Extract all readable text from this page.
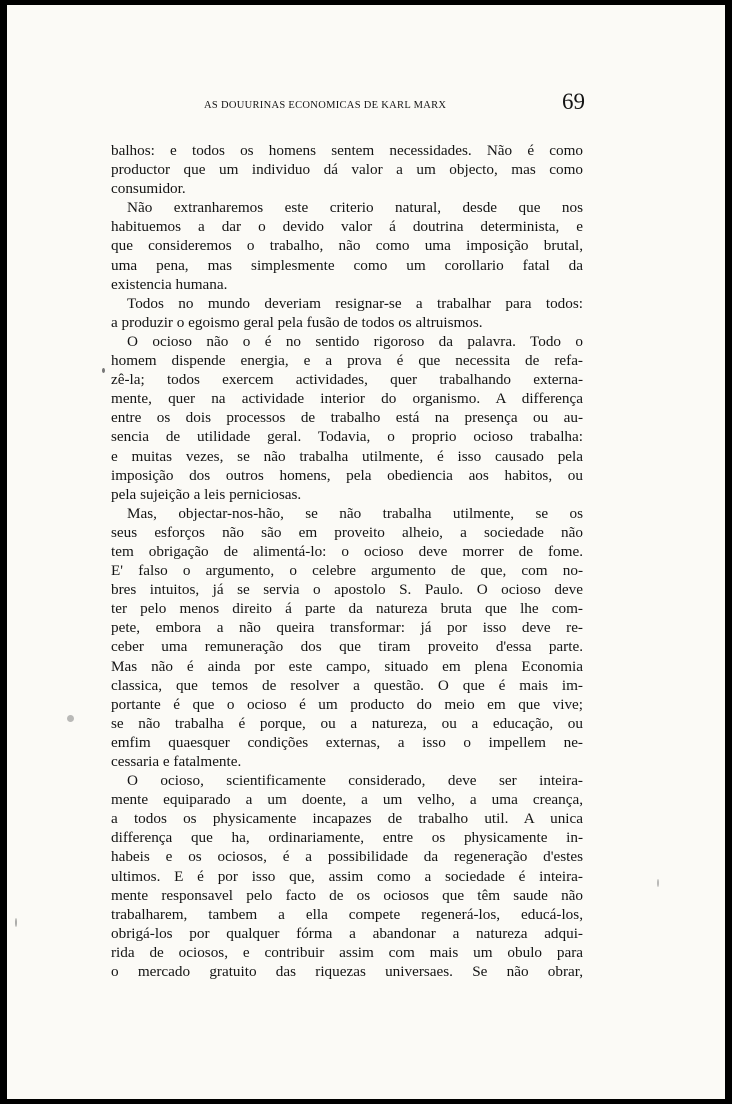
AS DOUURINAS ECONOMICAS DE KARL MARX	69
balhos: e todos os homens sentem necessidades. Não é como
productor que um individuo dá valor a um objecto, mas como
consumidor.
Não extranharemos este criterio natural, desde que nos
habituemos a dar o devido valor á doutrina determinista, e
que consideremos o trabalho, não como uma imposição brutal,
uma pena, mas simplesmente como um corollario fatal da
existencia humana.
Todos no mundo deveriam resignar-se a trabalhar para todos:
a produzir o egoismo geral pela fusão de todos os altruismos.
O ocioso não o é no sentido rigoroso da palavra. Todo o
homem dispende energia, e a prova é que necessita de refa-
zê-la; todos exercem actividades, quer trabalhando externa-
mente, quer na actividade interior do organismo. A differença
entre os dois processos de trabalho está na presença ou au-
sencia de utilidade geral. Todavia, o proprio ocioso trabalha:
e muitas vezes, se não trabalha utilmente, é isso causado pela
imposição dos outros homens, pela obediencia aos habitos, ou
pela sujeição a leis perniciosas.
Mas, objectar-nos-hão, se não trabalha utilmente, se os
seus esforços não são em proveito alheio, a sociedade não
tem obrigação de alimentá-lo: o ocioso deve morrer de fome.
E' falso o argumento, o celebre argumento de que, com no-
bres intuitos, já se servia o apostolo S. Paulo. O ocioso deve
ter pelo menos direito á parte da natureza bruta que lhe com-
pete, embora a não queira transformar: já por isso deve re-
ceber uma remuneração dos que tiram proveito d'essa parte.
Mas não é ainda por este campo, situado em plena Economia
classica, que temos de resolver a questão. O que é mais im-
portante é que o ocioso é um producto do meio em que vive;
se não trabalha é porque, ou a natureza, ou a educação, ou
emfim quaesquer condições externas, a isso o impellem ne-
cessaria e fatalmente.
O ocioso, scientificamente considerado, deve ser inteira-
mente equiparado a um doente, a um velho, a uma creança,
a todos os physicamente incapazes de trabalho util. A unica
differença que ha, ordinariamente, entre os physicamente in-
habeis e os ociosos, é a possibilidade da regeneração d'estes
ultimos. E é por isso que, assim como a sociedade é inteira-
mente responsavel pelo facto de os ociosos que têm saude não
trabalharem, tambem a ella compete regenerá-los, educá-los,
obrigá-los por qualquer fórma a abandonar a natureza adqui-
rida de ociosos, e contribuir assim com mais um obulo para
o mercado gratuito das riquezas universaes. Se não obrar,
